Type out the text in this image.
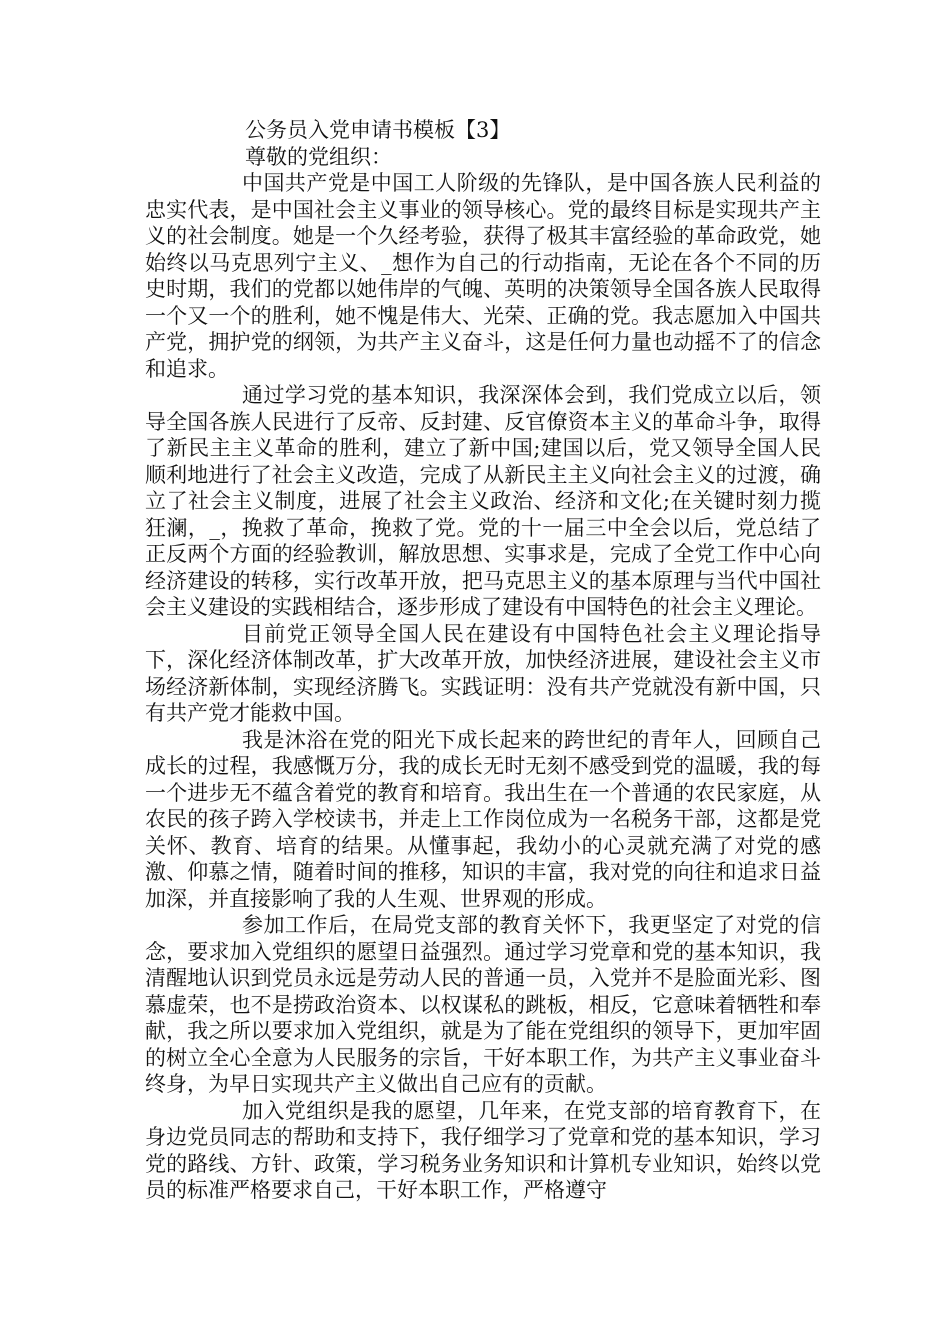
公务员入党申请书模板【3】

尊敬的党组织：

中国共产党是中国工人阶级的先锋队，是中国各族人民利益的忠实代表，是中国社会主义事业的领导核心。党的最终目标是实现共产主义的社会制度。她是一个久经考验，获得了极其丰富经验的革命政党，她始终以马克思列宁主义、_想作为自己的行动指南，无论在各个不同的历史时期，我们的党都以她伟岸的气魄、英明的决策领导全国各族人民取得一个又一个的胜利，她不愧是伟大、光荣、正确的党。我志愿加入中国共产党，拥护党的纲领，为共产主义奋斗，这是任何力量也动摇不了的信念和追求。

通过学习党的基本知识，我深深体会到，我们党成立以后，领导全国各族人民进行了反帝、反封建、反官僚资本主义的革命斗争，取得了新民主主义革命的胜利，建立了新中国;建国以后，党又领导全国人民顺利地进行了社会主义改造，完成了从新民主主义向社会主义的过渡，确立了社会主义制度，进展了社会主义政治、经济和文化;在关键时刻力揽狂澜，_，挽救了革命，挽救了党。党的十一届三中全会以后，党总结了正反两个方面的经验教训，解放思想、实事求是，完成了全党工作中心向经济建设的转移，实行改革开放，把马克思主义的基本原理与当代中国社会主义建设的实践相结合，逐步形成了建设有中国特色的社会主义理论。

目前党正领导全国人民在建设有中国特色社会主义理论指导下，深化经济体制改革，扩大改革开放，加快经济进展，建设社会主义市场经济新体制，实现经济腾飞。实践证明：没有共产党就没有新中国，只有共产党才能救中国。

我是沐浴在党的阳光下成长起来的跨世纪的青年人，回顾自己成长的过程，我感慨万分，我的成长无时无刻不感受到党的温暖，我的每一个进步无不蕴含着党的教育和培育。我出生在一个普通的农民家庭，从农民的孩子跨入学校读书，并走上工作岗位成为一名税务干部，这都是党关怀、教育、培育的结果。从懂事起，我幼小的心灵就充满了对党的感激、仰慕之情，随着时间的推移，知识的丰富，我对党的向往和追求日益加深，并直接影响了我的人生观、世界观的形成。

参加工作后，在局党支部的教育关怀下，我更坚定了对党的信念，要求加入党组织的愿望日益强烈。通过学习党章和党的基本知识，我清醒地认识到党员永远是劳动人民的普通一员，入党并不是脸面光彩、图慕虚荣，也不是捞政治资本、以权谋私的跳板，相反，它意味着牺牲和奉献，我之所以要求加入党组织，就是为了能在党组织的领导下，更加牢固的树立全心全意为人民服务的宗旨，干好本职工作，为共产主义事业奋斗终身，为早日实现共产主义做出自己应有的贡献。

加入党组织是我的愿望，几年来，在党支部的培育教育下，在身边党员同志的帮助和支持下，我仔细学习了党章和党的基本知识，学习党的路线、方针、政策，学习税务业务知识和计算机专业知识，始终以党员的标准严格要求自己，干好本职工作，严格遵守
